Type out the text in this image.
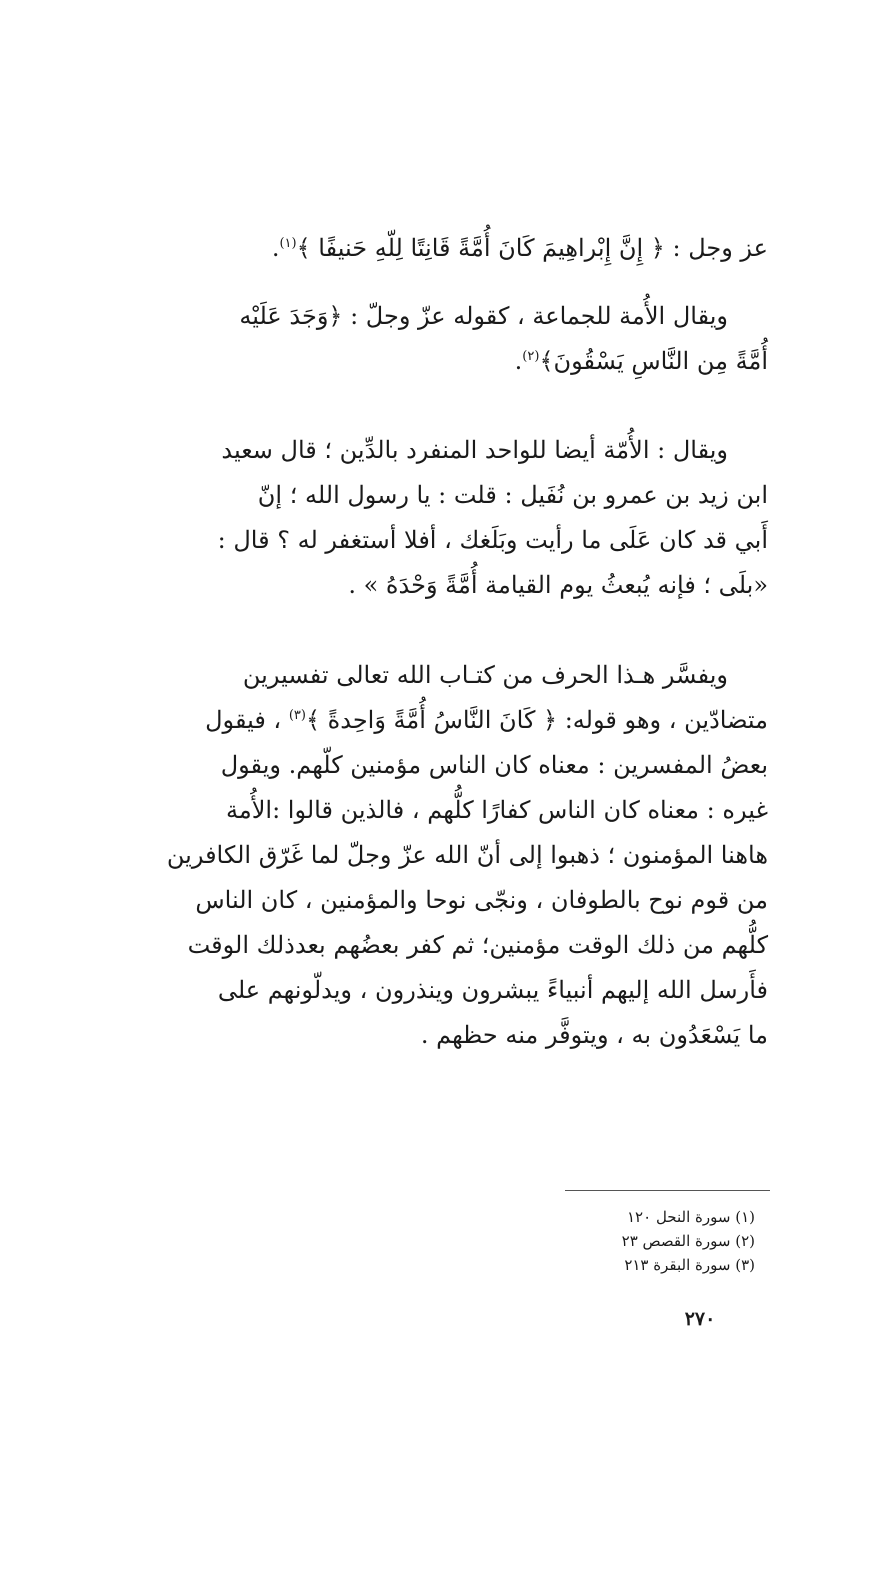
عز وجل : ﴿ إِنَّ إِبْراهِيمَ كَانَ أُمَّةً قَانِتًا لِلّهِ حَنيفًا ﴾$^{(١)}$.
ويقال الأُمة للجماعة ، كقوله عزّ وجلّ : ﴿وَجَدَ عَلَيْه
أُمَّةً مِن النَّاسِ يَسْقُونَ﴾$^{(٢)}$.
ويقال : الأُمّة أيضا للواحد المنفرد بالدِّين ؛ قال سعيد
ابن زيد بن عمرو بن نُفَيل : قلت : يا رسول الله ؛ إنّ
أَبي قد كان عَلَى ما رأيت وبَلَغك ، أفلا أستغفر له ؟ قال :
«بلَى ؛ فإنه يُبعثُ يوم القيامة أُمَّةً وَحْدَهُ » .
ويفسَّر هـذا الحرف من كتـاب الله تعالى تفسيرين
متضادّين ، وهو قوله: ﴿ كَانَ النَّاسُ أُمَّةً وَاحِدةً ﴾$^{(٣)}$ ، فيقول
بعضُ المفسرين : معناه كان الناس مؤمنين كلّهم. ويقول
غيره : معناه كان الناس كفارًا كلُّهم ، فالذين قالوا :الأُمة
هاهنا المؤمنون ؛ ذهبوا إلى أنّ الله عزّ وجلّ لما غَرّق الكافرين
من قوم نوح بالطوفان ، ونجّى نوحا والمؤمنين ، كان الناس
كلُّهم من ذلك الوقت مؤمنين؛ ثم كفر بعضُهم بعدذلك الوقت
فأَرسل الله إليهم أنبياءً يبشرون وينذرون ، ويدلّونهم على
ما يَسْعَدُون به ، ويتوفَّر منه حظهم .
(١) سورة النحل ١٢٠
(٢) سورة القصص ٢٣
(٣) سورة البقرة ٢١٣
٢٧٠
